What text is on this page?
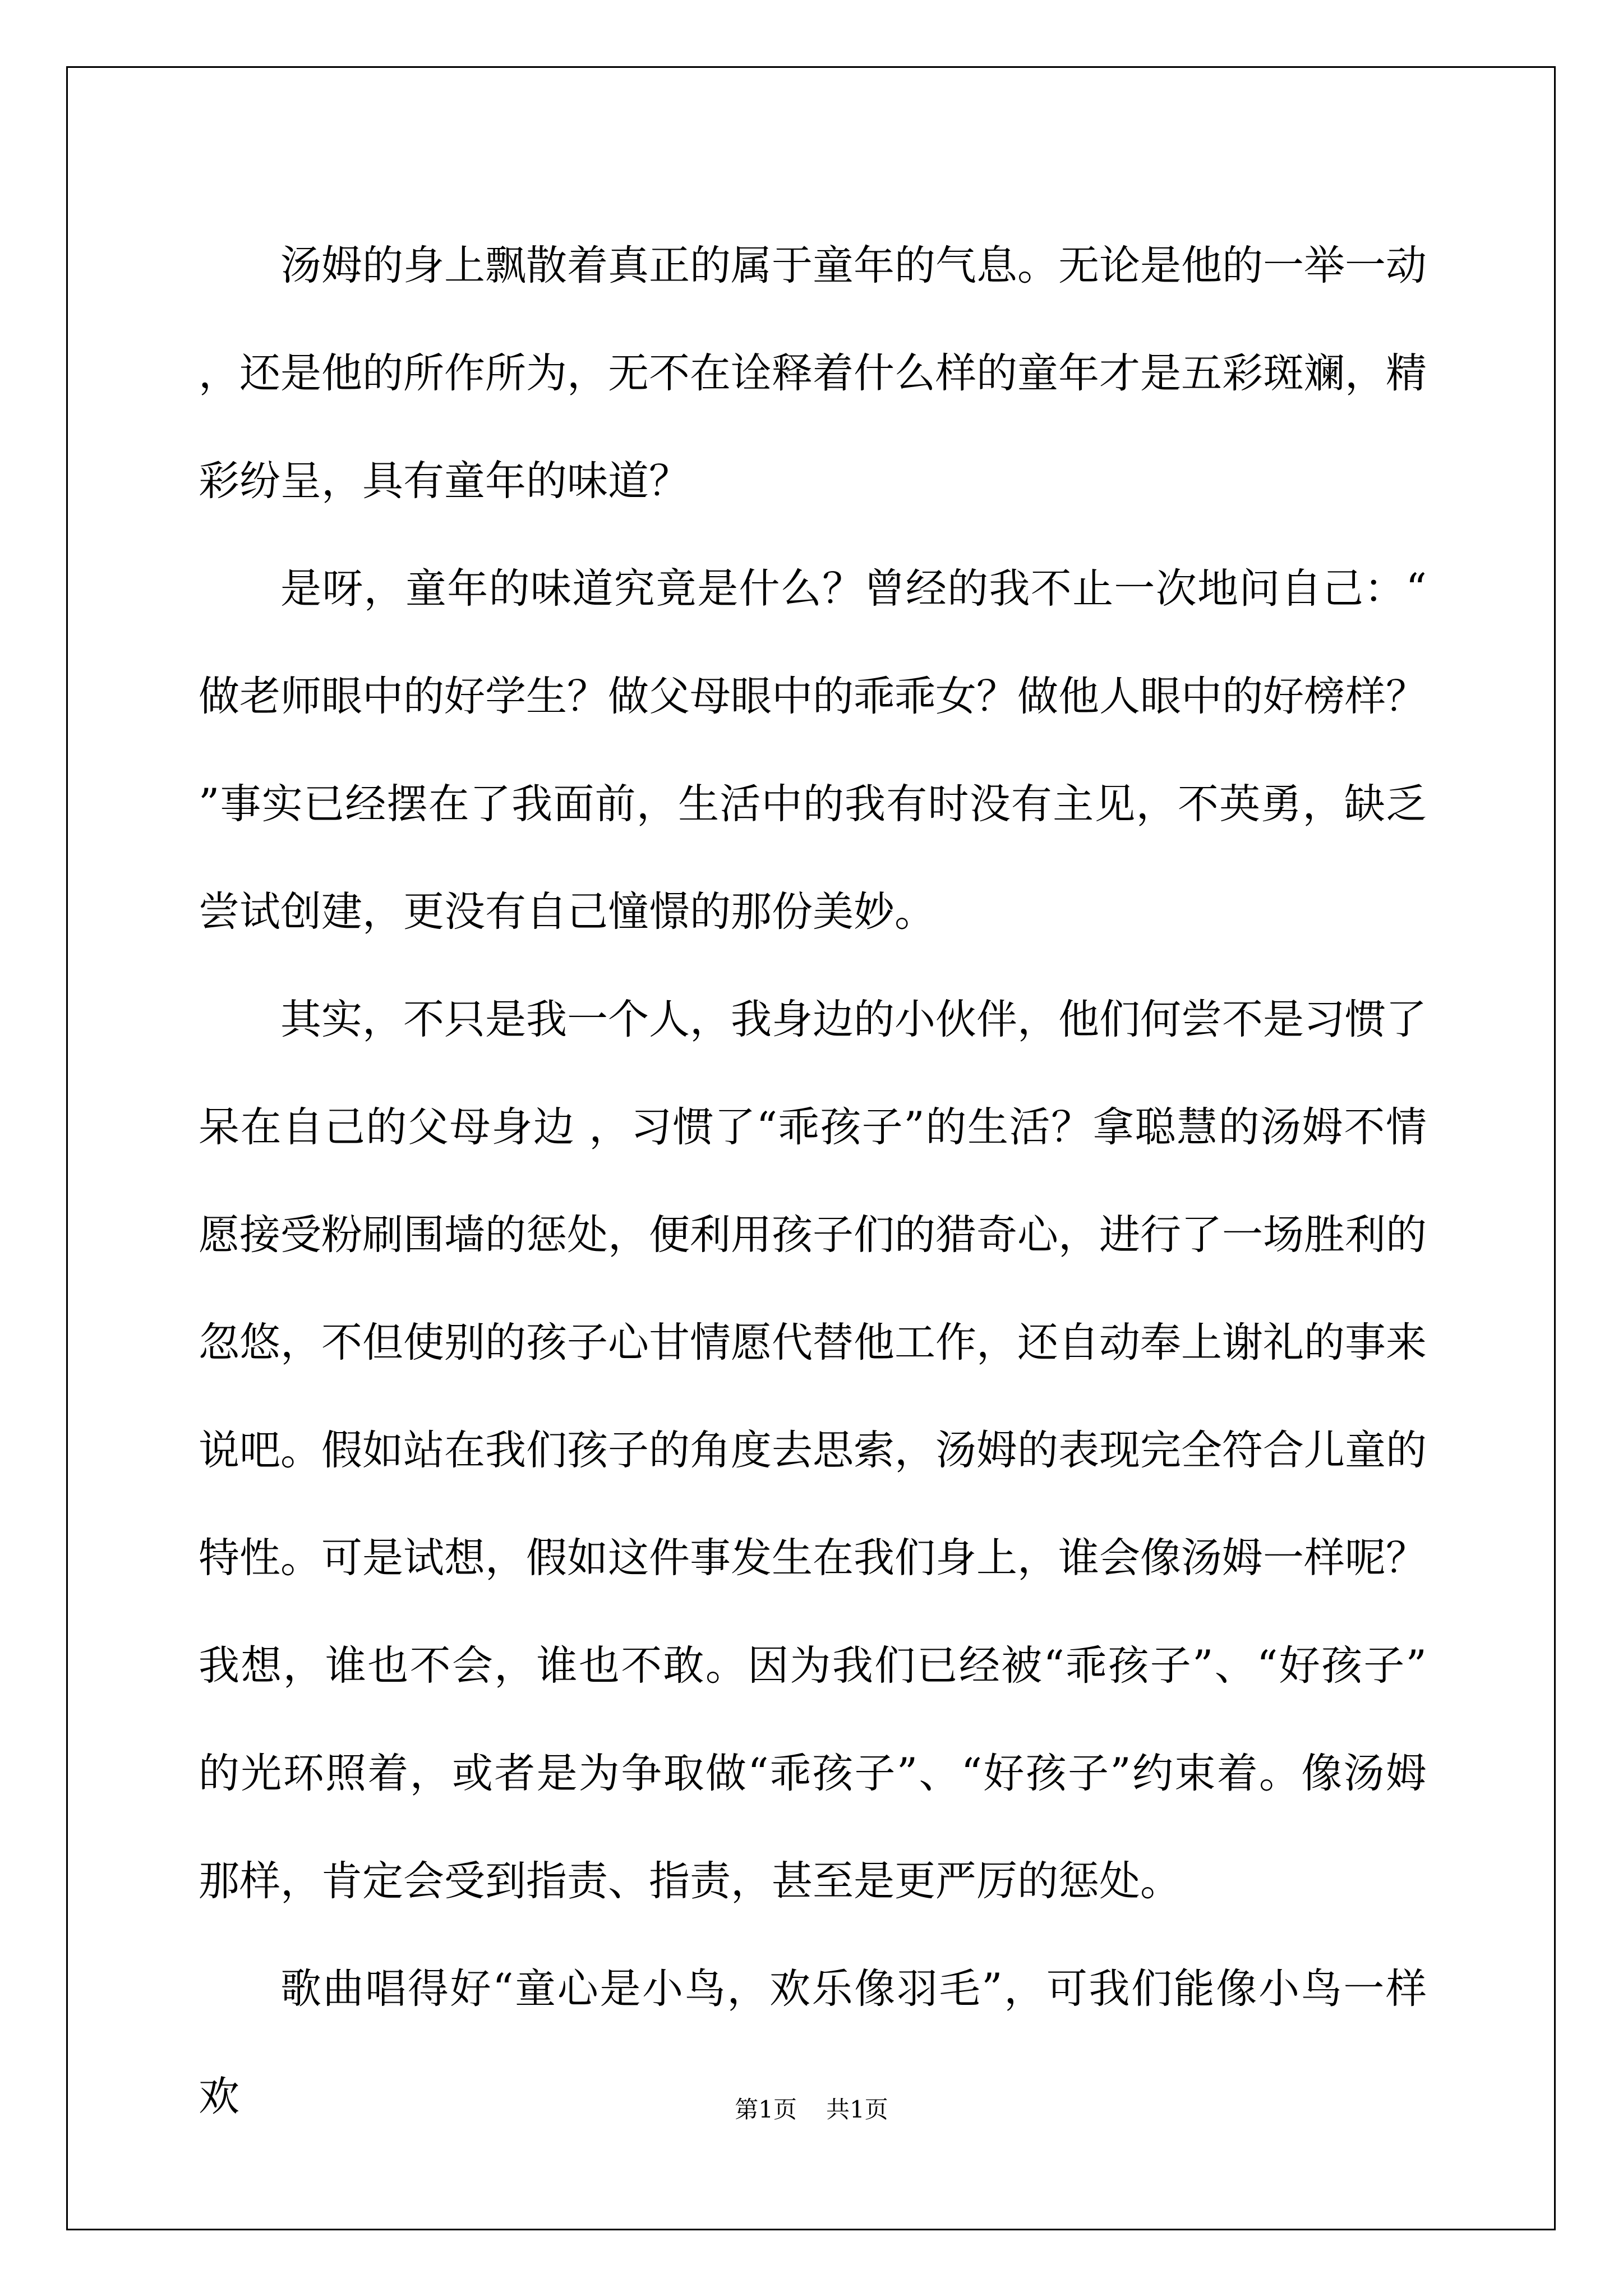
汤姆的身上飘散着真正的属于童年的气息。无论是他的一举一动，还是他的所作所为，无不在诠释着什么样的童年才是五彩斑斓，精彩纷呈，具有童年的味道？

是呀，童年的味道究竟是什么？曾经的我不止一次地问自己：“做老师眼中的好学生？做父母眼中的乖乖女？做他人眼中的好榜样？”事实已经摆在了我面前，生活中的我有时没有主见，不英勇，缺乏尝试创建，更没有自己憧憬的那份美妙。

其实，不只是我一个人，我身边的小伙伴，他们何尝不是习惯了呆在自己的父母身边 ，习惯了“乖孩子”的生活？拿聪慧的汤姆不情愿接受粉刷围墙的惩处，便利用孩子们的猎奇心，进行了一场胜利的忽悠，不但使别的孩子心甘情愿代替他工作，还自动奉上谢礼的事来说吧。假如站在我们孩子的角度去思索，汤姆的表现完全符合儿童的特性。可是试想，假如这件事发生在我们身上，谁会像汤姆一样呢？我想，谁也不会，谁也不敢。因为我们已经被“乖孩子”、“好孩子”的光环照着，或者是为争取做“乖孩子”、“好孩子”约束着。像汤姆那样，肯定会受到指责、指责，甚至是更严厉的惩处。

歌曲唱得好“童心是小鸟，欢乐像羽毛”，可我们能像小鸟一样欢	第1页 共1页
